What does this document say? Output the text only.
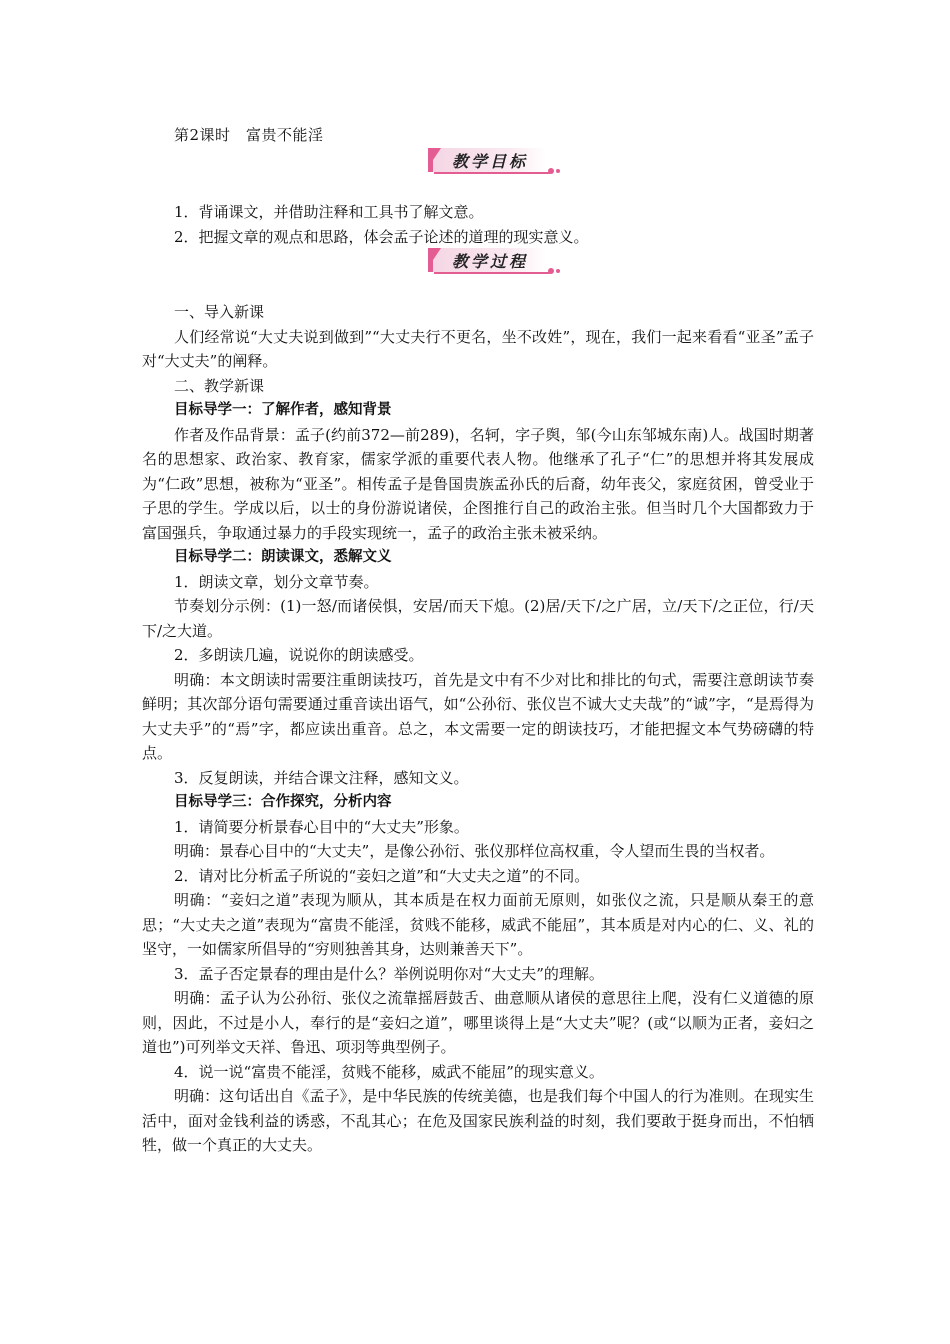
第2课时　富贵不能淫
教学目标

1．背诵课文，并借助注释和工具书了解文意。

2．把握文章的观点和思路，体会孟子论述的道理的现实意义。

教学过程

一、导入新课

人们经常说“大丈夫说到做到”“大丈夫行不更名，坐不改姓”，现在，我们一起来看看“亚圣”孟子对“大丈夫”的阐释。

二、教学新课

目标导学一：了解作者，感知背景

作者及作品背景：孟子(约前372—前289)，名轲，字子舆，邹(今山东邹城东南)人。战国时期著名的思想家、政治家、教育家，儒家学派的重要代表人物。他继承了孔子“仁”的思想并将其发展成为“仁政”思想，被称为“亚圣”。相传孟子是鲁国贵族孟孙氏的后裔，幼年丧父，家庭贫困，曾受业于子思的学生。学成以后，以士的身份游说诸侯，企图推行自己的政治主张。但当时几个大国都致力于富国强兵，争取通过暴力的手段实现统一，孟子的政治主张未被采纳。

目标导学二：朗读课文，悉解文义

1．朗读文章，划分文章节奏。

节奏划分示例：(1)一怒/而诸侯惧，安居/而天下熄。(2)居/天下/之广居，立/天下/之正位，行/天下/之大道。

2．多朗读几遍，说说你的朗读感受。

明确：本文朗读时需要注重朗读技巧，首先是文中有不少对比和排比的句式，需要注意朗读节奏鲜明；其次部分语句需要通过重音读出语气，如“公孙衍、张仪岂不诚大丈夫哉”的“诚”字，“是焉得为大丈夫乎”的“焉”字，都应读出重音。总之，本文需要一定的朗读技巧，才能把握文本气势磅礴的特点。

3．反复朗读，并结合课文注释，感知文义。

目标导学三：合作探究，分析内容

1．请简要分析景春心目中的“大丈夫”形象。

明确：景春心目中的“大丈夫”，是像公孙衍、张仪那样位高权重，令人望而生畏的当权者。

2．请对比分析孟子所说的“妾妇之道”和“大丈夫之道”的不同。

明确：“妾妇之道”表现为顺从，其本质是在权力面前无原则，如张仪之流，只是顺从秦王的意思；“大丈夫之道”表现为“富贵不能淫，贫贱不能移，威武不能屈”，其本质是对内心的仁、义、礼的坚守，一如儒家所倡导的“穷则独善其身，达则兼善天下”。

3．孟子否定景春的理由是什么？举例说明你对“大丈夫”的理解。

明确：孟子认为公孙衍、张仪之流靠摇唇鼓舌、曲意顺从诸侯的意思往上爬，没有仁义道德的原则，因此，不过是小人，奉行的是“妾妇之道”，哪里谈得上是“大丈夫”呢？(或“以顺为正者，妾妇之道也”)可列举文天祥、鲁迅、项羽等典型例子。

4．说一说“富贵不能淫，贫贱不能移，威武不能屈”的现实意义。

明确：这句话出自《孟子》，是中华民族的传统美德，也是我们每个中国人的行为准则。在现实生活中，面对金钱利益的诱惑，不乱其心；在危及国家民族利益的时刻，我们要敢于挺身而出，不怕牺牲，做一个真正的大丈夫。
